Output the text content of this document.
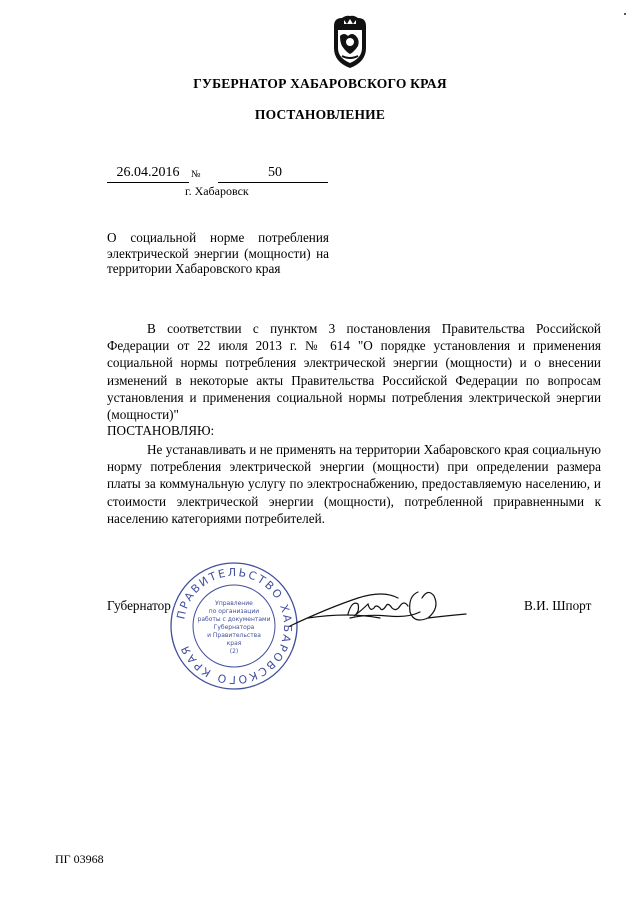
ГУБЕРНАТОР ХАБАРОВСКОГО КРАЯ
ПОСТАНОВЛЕНИЕ
26.04.2016	№	50
г. Хабаровск
О социальной норме потребления электрической энергии (мощности) на территории Хабаровского края
В соответствии с пунктом 3 постановления Правительства Российской Федерации от 22 июля 2013 г. № 614 "О порядке установления и применения социальной нормы потребления электрической энергии (мощности) и о внесении изменений в некоторые акты Правительства Российской Федерации по вопросам установления и применения социальной нормы потребления электрической энергии (мощности)"
ПОСТАНОВЛЯЮ:
Не устанавливать и не применять на территории Хабаровского края социальную норму потребления электрической энергии (мощности) при определении размера платы за коммунальную услугу по электроснабжению, предоставляемую населению, и стоимости электрической энергии (мощности), потребленной приравненными к населению категориями потребителей.
Губернатор	В.И. Шпорт
ПРАВИТЕЛЬСТВО ХАБАРОВСКОГО КРАЯ
Управление
по организации
работы с документами
Губернатора
и Правительства
края
(2)
ПГ 03968
